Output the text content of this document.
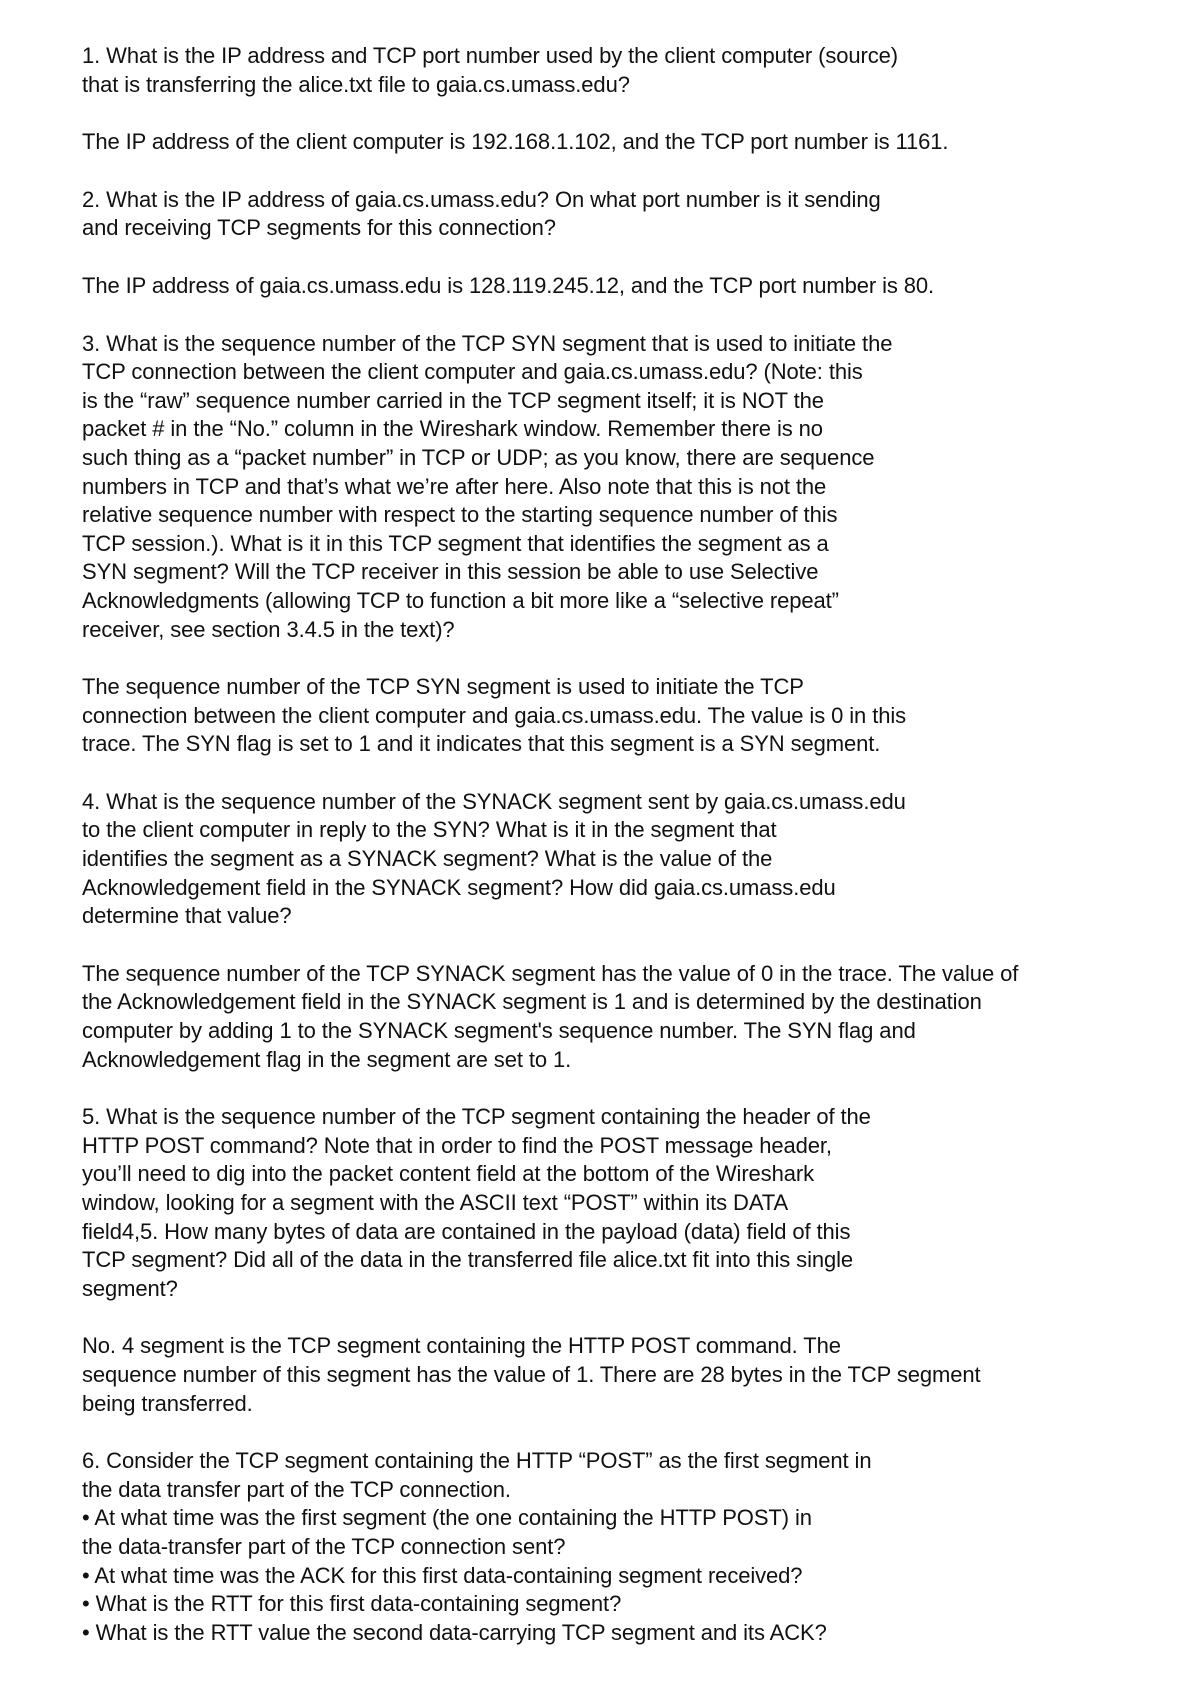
1. What is the IP address and TCP port number used by the client computer (source)
that is transferring the alice.txt file to gaia.cs.umass.edu?
The IP address of the client computer is 192.168.1.102, and the TCP port number is 1161.
2. What is the IP address of gaia.cs.umass.edu? On what port number is it sending
and receiving TCP segments for this connection?
The IP address of gaia.cs.umass.edu is 128.119.245.12, and the TCP port number is 80.
3. What is the sequence number of the TCP SYN segment that is used to initiate the
TCP connection between the client computer and gaia.cs.umass.edu? (Note: this
is the “raw” sequence number carried in the TCP segment itself; it is NOT the
packet # in the “No.” column in the Wireshark window. Remember there is no
such thing as a “packet number” in TCP or UDP; as you know, there are sequence
numbers in TCP and that’s what we’re after here. Also note that this is not the
relative sequence number with respect to the starting sequence number of this
TCP session.). What is it in this TCP segment that identifies the segment as a
SYN segment? Will the TCP receiver in this session be able to use Selective
Acknowledgments (allowing TCP to function a bit more like a “selective repeat”
receiver, see section 3.4.5 in the text)?
The sequence number of the TCP SYN segment is used to initiate the TCP
connection between the client computer and gaia.cs.umass.edu. The value is 0 in this
trace. The SYN flag is set to 1 and it indicates that this segment is a SYN segment.
4. What is the sequence number of the SYNACK segment sent by gaia.cs.umass.edu
to the client computer in reply to the SYN? What is it in the segment that
identifies the segment as a SYNACK segment? What is the value of the
Acknowledgement field in the SYNACK segment? How did gaia.cs.umass.edu
determine that value?
The sequence number of the TCP SYNACK segment has the value of 0 in the trace. The value of
the Acknowledgement field in the SYNACK segment is 1 and is determined by the destination
computer by adding 1 to the SYNACK segment's sequence number. The SYN flag and
Acknowledgement flag in the segment are set to 1.
5. What is the sequence number of the TCP segment containing the header of the
HTTP POST command? Note that in order to find the POST message header,
you’ll need to dig into the packet content field at the bottom of the Wireshark
window, looking for a segment with the ASCII text “POST” within its DATA
field4,5. How many bytes of data are contained in the payload (data) field of this
TCP segment? Did all of the data in the transferred file alice.txt fit into this single
segment?
No. 4 segment is the TCP segment containing the HTTP POST command. The
sequence number of this segment has the value of 1. There are 28 bytes in the TCP segment
being transferred.
6. Consider the TCP segment containing the HTTP “POST” as the first segment in
the data transfer part of the TCP connection.
• At what time was the first segment (the one containing the HTTP POST) in
the data-transfer part of the TCP connection sent?
• At what time was the ACK for this first data-containing segment received?
• What is the RTT for this first data-containing segment?
• What is the RTT value the second data-carrying TCP segment and its ACK?
